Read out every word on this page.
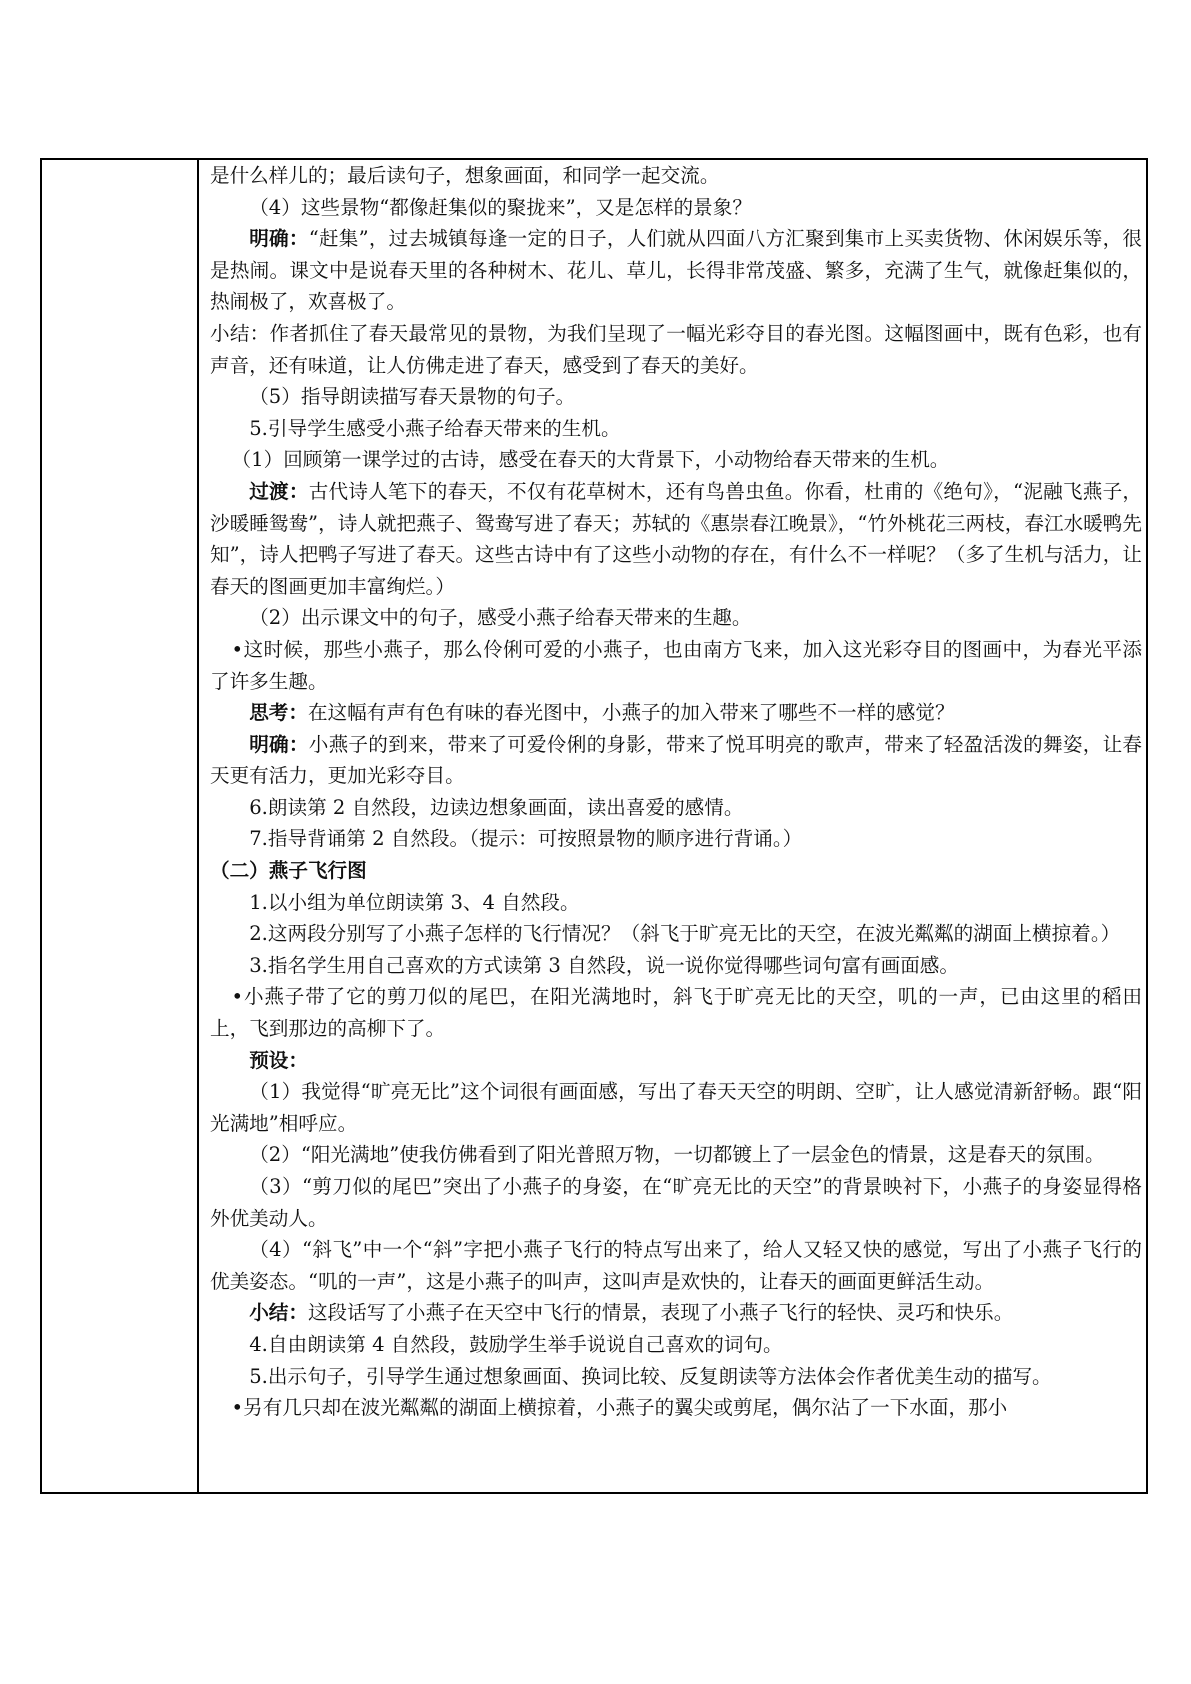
是什么样儿的；最后读句子，想象画面，和同学一起交流。

（4）这些景物“都像赶集似的聚拢来”，又是怎样的景象？

明确：“赶集”，过去城镇每逢一定的日子，人们就从四面八方汇聚到集市上买卖货物、休闲娱乐等，很是热闹。课文中是说春天里的各种树木、花儿、草儿，长得非常茂盛、繁多，充满了生气，就像赶集似的，热闹极了，欢喜极了。

小结：作者抓住了春天最常见的景物，为我们呈现了一幅光彩夺目的春光图。这幅图画中，既有色彩，也有声音，还有味道，让人仿佛走进了春天，感受到了春天的美好。

（5）指导朗读描写春天景物的句子。

5.引导学生感受小燕子给春天带来的生机。

（1）回顾第一课学过的古诗，感受在春天的大背景下，小动物给春天带来的生机。

过渡：古代诗人笔下的春天，不仅有花草树木，还有鸟兽虫鱼。你看，杜甫的《绝句》，“泥融飞燕子，沙暖睡鸳鸯”，诗人就把燕子、鸳鸯写进了春天；苏轼的《惠崇春江晚景》，“竹外桃花三两枝，春江水暖鸭先知”，诗人把鸭子写进了春天。这些古诗中有了这些小动物的存在，有什么不一样呢？（多了生机与活力，让春天的图画更加丰富绚烂。）

（2）出示课文中的句子，感受小燕子给春天带来的生趣。

•这时候，那些小燕子，那么伶俐可爱的小燕子，也由南方飞来，加入这光彩夺目的图画中，为春光平添了许多生趣。

思考：在这幅有声有色有味的春光图中，小燕子的加入带来了哪些不一样的感觉？

明确：小燕子的到来，带来了可爱伶俐的身影，带来了悦耳明亮的歌声，带来了轻盈活泼的舞姿，让春天更有活力，更加光彩夺目。

6.朗读第 2 自然段，边读边想象画面，读出喜爱的感情。

7.指导背诵第 2 自然段。（提示：可按照景物的顺序进行背诵。）

（二）燕子飞行图

1.以小组为单位朗读第 3、4 自然段。

2.这两段分别写了小燕子怎样的飞行情况？（斜飞于旷亮无比的天空，在波光粼粼的湖面上横掠着。）

3.指名学生用自己喜欢的方式读第 3 自然段，说一说你觉得哪些词句富有画面感。

•小燕子带了它的剪刀似的尾巴，在阳光满地时，斜飞于旷亮无比的天空，叽的一声，已由这里的稻田上，飞到那边的高柳下了。

预设：

（1）我觉得“旷亮无比”这个词很有画面感，写出了春天天空的明朗、空旷，让人感觉清新舒畅。跟“阳光满地”相呼应。

（2）“阳光满地”使我仿佛看到了阳光普照万物，一切都镀上了一层金色的情景，这是春天的氛围。

（3）“剪刀似的尾巴”突出了小燕子的身姿，在“旷亮无比的天空”的背景映衬下，小燕子的身姿显得格外优美动人。

（4）“斜飞”中一个“斜”字把小燕子飞行的特点写出来了，给人又轻又快的感觉，写出了小燕子飞行的优美姿态。“叽的一声”，这是小燕子的叫声，这叫声是欢快的，让春天的画面更鲜活生动。

小结：这段话写了小燕子在天空中飞行的情景，表现了小燕子飞行的轻快、灵巧和快乐。

4.自由朗读第 4 自然段，鼓励学生举手说说自己喜欢的词句。

5.出示句子，引导学生通过想象画面、换词比较、反复朗读等方法体会作者优美生动的描写。

•另有几只却在波光粼粼的湖面上横掠着，小燕子的翼尖或剪尾，偶尔沾了一下水面，那小
